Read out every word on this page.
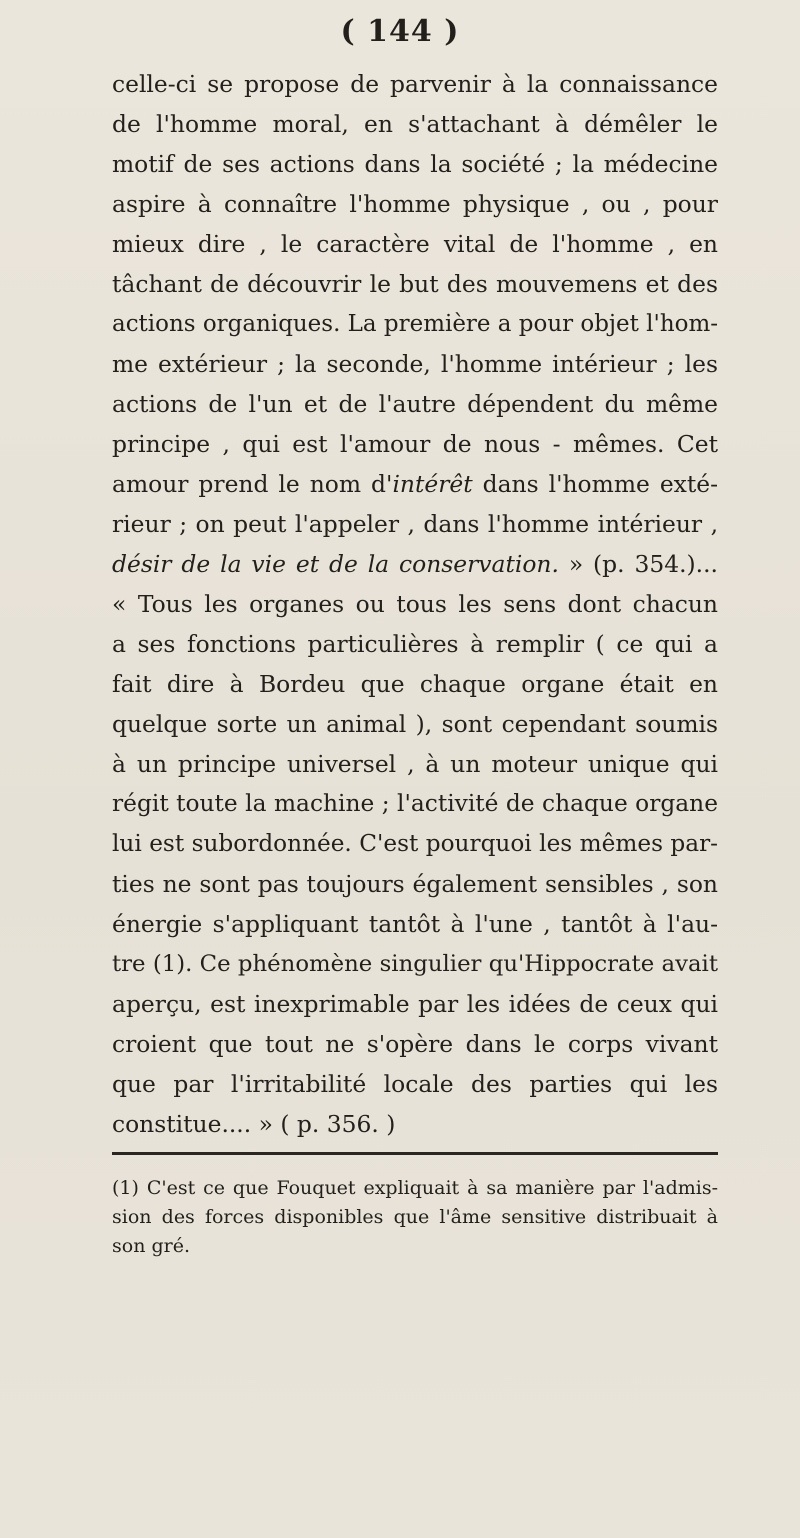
( 144 )
celle-ci se propose de parvenir à la connaissance
de l'homme moral, en s'attachant à démêler le
motif de ses actions dans la société ; la médecine
aspire à connaître l'homme physique , ou , pour
mieux dire , le caractère vital de l'homme , en
tâchant de découvrir le but des mouvemens et des
actions organiques. La première a pour objet l'hom-
me extérieur ; la seconde, l'homme intérieur ; les
actions de l'un et de l'autre dépendent du même
principe , qui est l'amour de nous - mêmes. Cet
amour prend le nom d'intérêt dans l'homme exté-
rieur ; on peut l'appeler , dans l'homme intérieur ,
désir de la vie et de la conservation. » (p. 354.)...
« Tous les organes ou tous les sens dont chacun
a ses fonctions particulières à remplir ( ce qui a
fait dire à Bordeu que chaque organe était en
quelque sorte un animal ), sont cependant soumis
à un principe universel , à un moteur unique qui
régit toute la machine ; l'activité de chaque organe
lui est subordonnée. C'est pourquoi les mêmes par-
ties ne sont pas toujours également sensibles , son
énergie s'appliquant tantôt à l'une , tantôt à l'au-
tre (1). Ce phénomène singulier qu'Hippocrate avait
aperçu, est inexprimable par les idées de ceux qui
croient que tout ne s'opère dans le corps vivant
que par l'irritabilité locale des parties qui les
constitue.... » ( p. 356. )
(1) C'est ce que Fouquet expliquait à sa manière par l'admis-
sion des forces disponibles que l'âme sensitive distribuait à
son gré.
